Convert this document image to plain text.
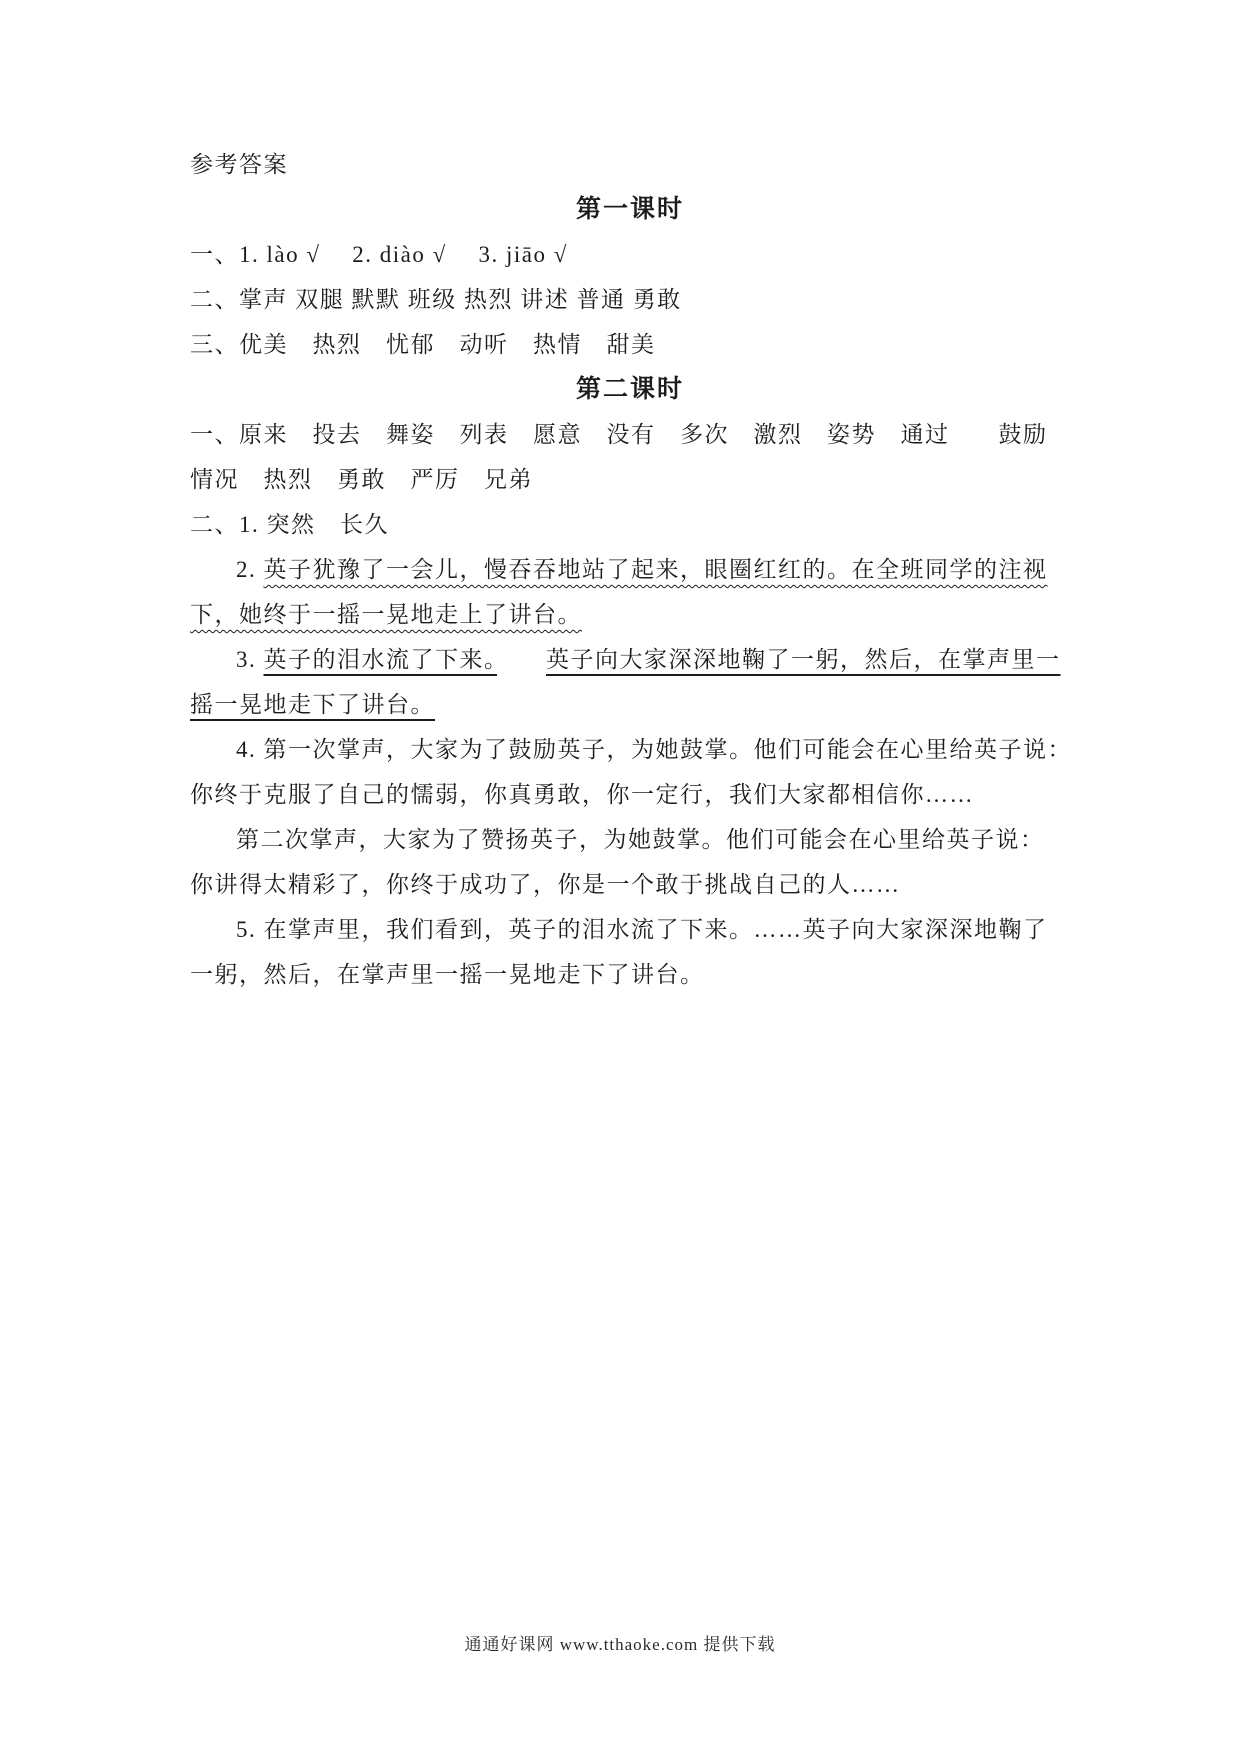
参考答案
第一课时
一、1. lào √　 2. diào √　 3. jiāo √
二、掌声 双腿 默默 班级 热烈 讲述 普通 勇敢
三、优美　热烈　忧郁　动听　热情　甜美
第二课时
一、原来　投去　舞姿　列表　愿意　没有　多次　激烈　姿势　通过　　鼓励
情况　热烈　勇敢　严厉　兄弟
二、1. 突然　长久
2. 英子犹豫了一会儿，慢吞吞地站了起来，眼圈红红的。在全班同学的注视
下，她终于一摇一晃地走上了讲台。
3. 英子的泪水流了下来。　　 英子向大家深深地鞠了一躬，然后，在掌声里一
摇一晃地走下了讲台。
4. 第一次掌声，大家为了鼓励英子，为她鼓掌。他们可能会在心里给英子说：
你终于克服了自己的懦弱，你真勇敢，你一定行，我们大家都相信你……
第二次掌声，大家为了赞扬英子，为她鼓掌。他们可能会在心里给英子说：
你讲得太精彩了，你终于成功了，你是一个敢于挑战自己的人……
5. 在掌声里，我们看到，英子的泪水流了下来。……英子向大家深深地鞠了
一躬，然后，在掌声里一摇一晃地走下了讲台。
通通好课网 www.tthaoke.com 提供下载
